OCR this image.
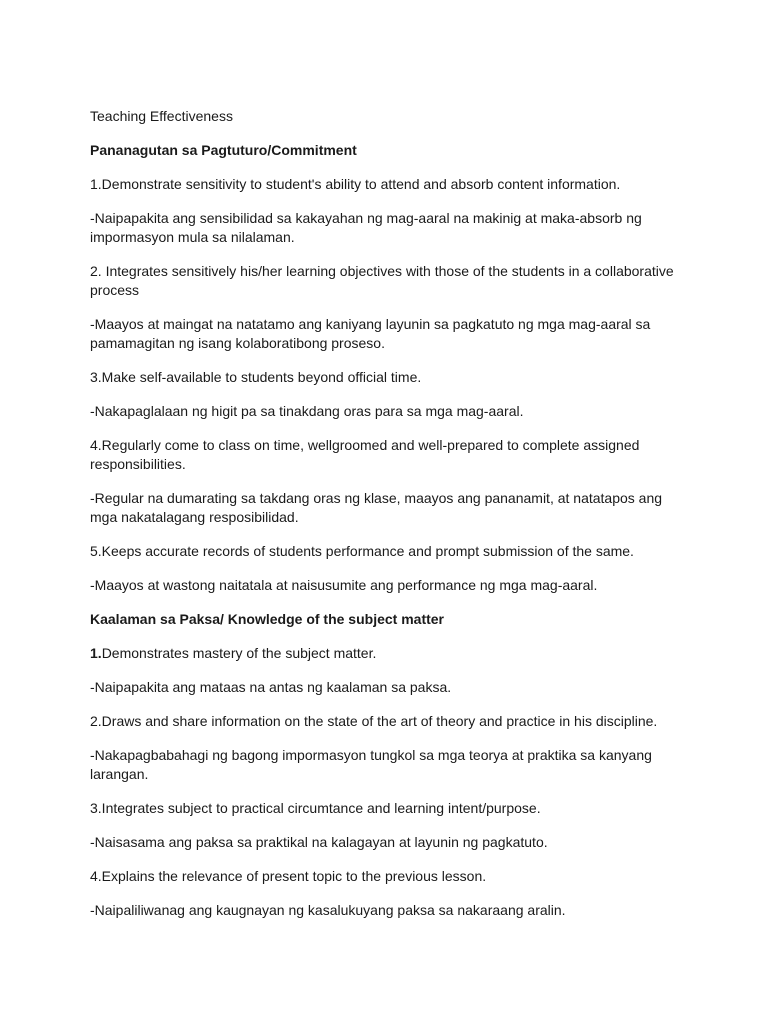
Teaching Effectiveness

Pananagutan sa Pagtuturo/Commitment

1.Demonstrate sensitivity to student's ability to attend and absorb content information.

-Naipapakita ang sensibilidad sa kakayahan ng mag-aaral na makinig at maka-absorb ng impormasyon mula sa nilalaman.

2. Integrates sensitively his/her learning objectives with those of the students in a collaborative process

-Maayos at maingat na natatamo ang kaniyang layunin sa pagkatuto ng mga mag-aaral sa pamamagitan ng isang kolaboratibong proseso.

3.Make self-available to students beyond official time.

-Nakapaglalaan ng higit pa sa tinakdang oras para sa mga mag-aaral.

4.Regularly come to class on time, wellgroomed and well-prepared to complete assigned responsibilities.

-Regular na dumarating sa takdang oras ng klase, maayos ang pananamit, at natatapos ang mga nakatalagang resposibilidad.

5.Keeps accurate records of students performance and prompt submission of the same.

-Maayos at wastong naitatala at naisusumite ang performance ng mga mag-aaral.

Kaalaman sa Paksa/ Knowledge of the subject matter

1.Demonstrates mastery of the subject matter.

-Naipapakita ang mataas na antas ng kaalaman sa paksa.

2.Draws and share information on the state of the art of theory and practice in his discipline.

-Nakapagbabahagi ng bagong impormasyon tungkol sa mga teorya at praktika sa kanyang larangan.

3.Integrates subject to practical circumtance and learning intent/purpose.

-Naisasama ang paksa sa praktikal na kalagayan at layunin ng pagkatuto.

4.Explains the relevance of present topic to the previous lesson.

-Naipaliliwanag ang kaugnayan ng kasalukuyang paksa sa nakaraang aralin.
